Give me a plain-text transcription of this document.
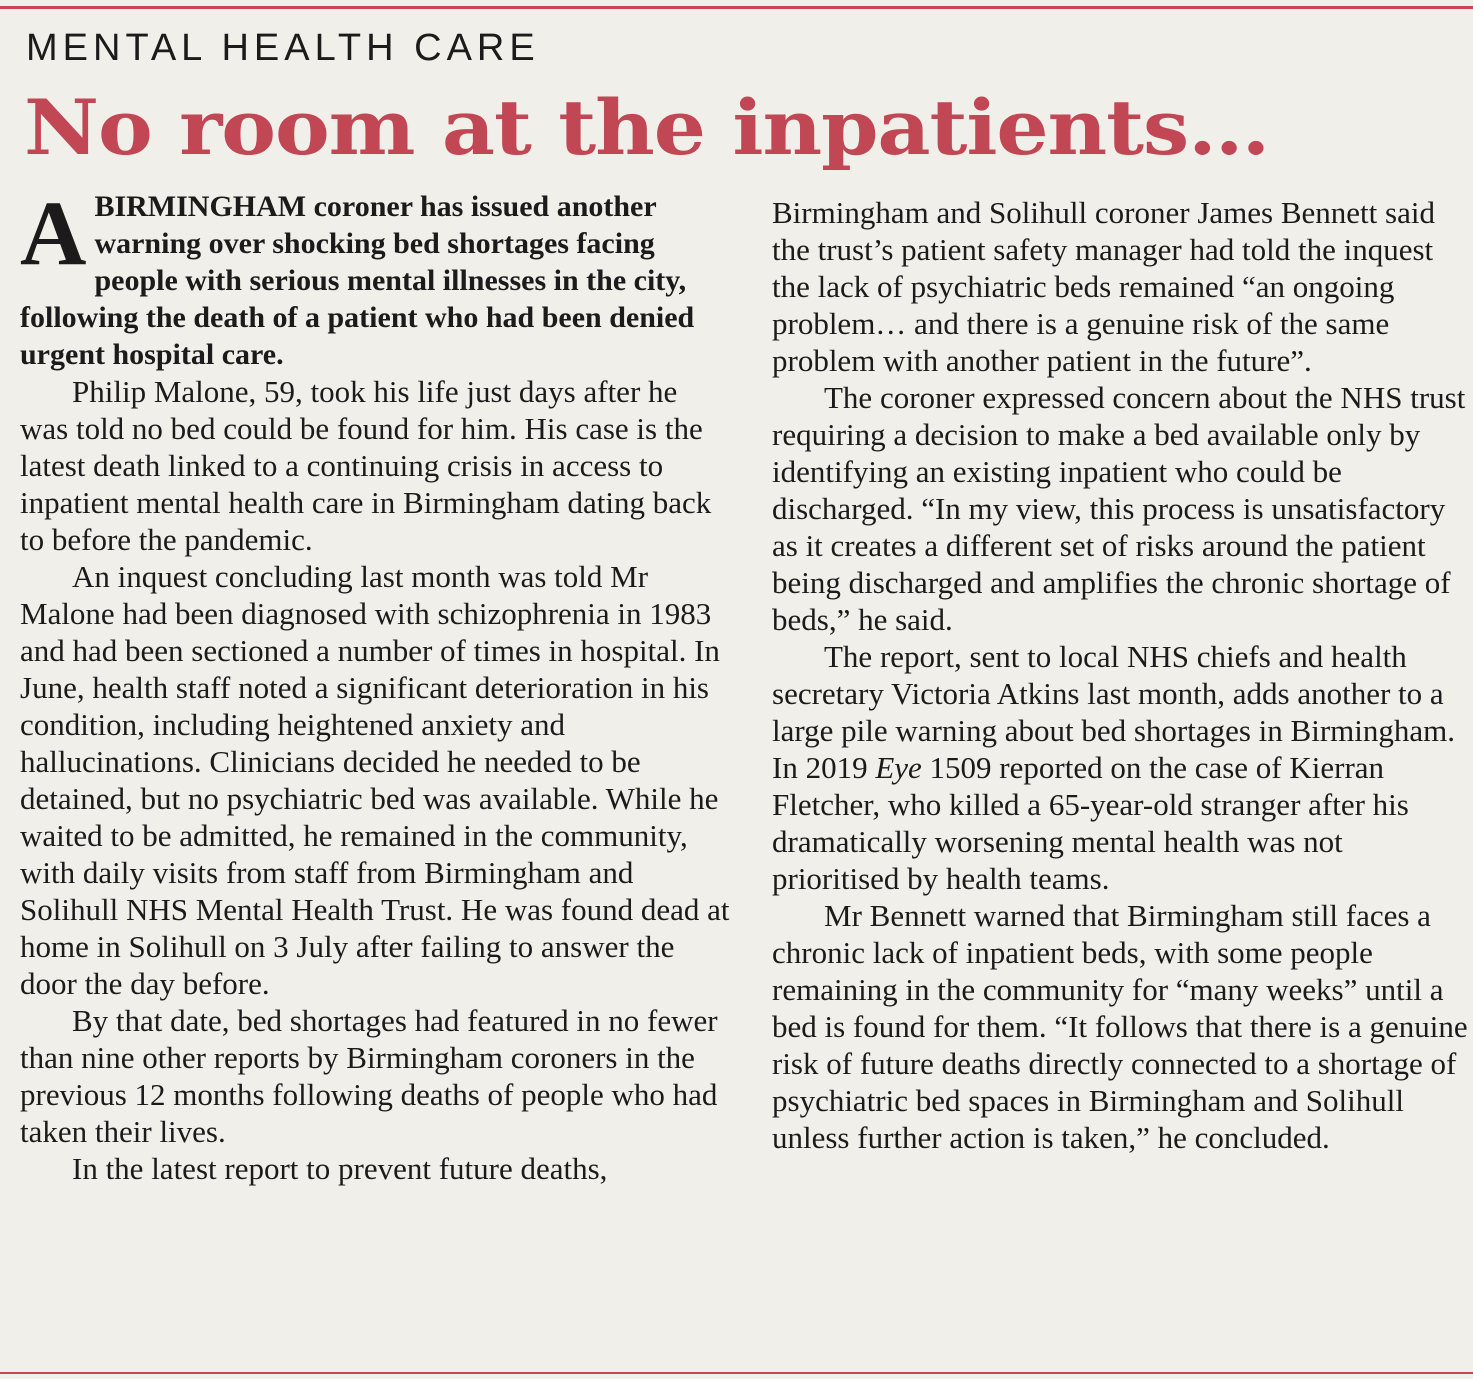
MENTAL HEALTH CARE
No room at the inpatients…

ABIRMINGHAM coroner has issued another warning over shocking bed shortages facing people with serious mental illnesses in the city, following the death of a patient who had been denied urgent hospital care.

Philip Malone, 59, took his life just days after he was told no bed could be found for him. His case is the latest death linked to a continuing crisis in access to inpatient mental health care in Birmingham dating back to before the pandemic.

An inquest concluding last month was told Mr Malone had been diagnosed with schizophrenia in 1983 and had been sectioned a number of times in hospital. In June, health staff noted a significant deterioration in his condition, including heightened anxiety and hallucinations. Clinicians decided he needed to be detained, but no psychiatric bed was available. While he waited to be admitted, he remained in the community, with daily visits from staff from Birmingham and Solihull NHS Mental Health Trust. He was found dead at home in Solihull on 3 July after failing to answer the door the day before.

By that date, bed shortages had featured in no fewer than nine other reports by Birmingham coroners in the previous 12 months following deaths of people who had taken their lives.

In the latest report to prevent future deaths,

Birmingham and Solihull coroner James Bennett said the trust’s patient safety manager had told the inquest the lack of psychiatric beds remained “an ongoing problem… and there is a genuine risk of the same problem with another patient in the future”.

The coroner expressed concern about the NHS trust requiring a decision to make a bed available only by identifying an existing inpatient who could be discharged. “In my view, this process is unsatisfactory as it creates a different set of risks around the patient being discharged and amplifies the chronic shortage of beds,” he said.

The report, sent to local NHS chiefs and health secretary Victoria Atkins last month, adds another to a large pile warning about bed shortages in Birmingham. In 2019 Eye 1509 reported on the case of Kierran Fletcher, who killed a 65-year-old stranger after his dramatically worsening mental health was not prioritised by health teams.

Mr Bennett warned that Birmingham still faces a chronic lack of inpatient beds, with some people remaining in the community for “many weeks” until a bed is found for them. “It follows that there is a genuine risk of future deaths directly connected to a shortage of psychiatric bed spaces in Birmingham and Solihull unless further action is taken,” he concluded.
